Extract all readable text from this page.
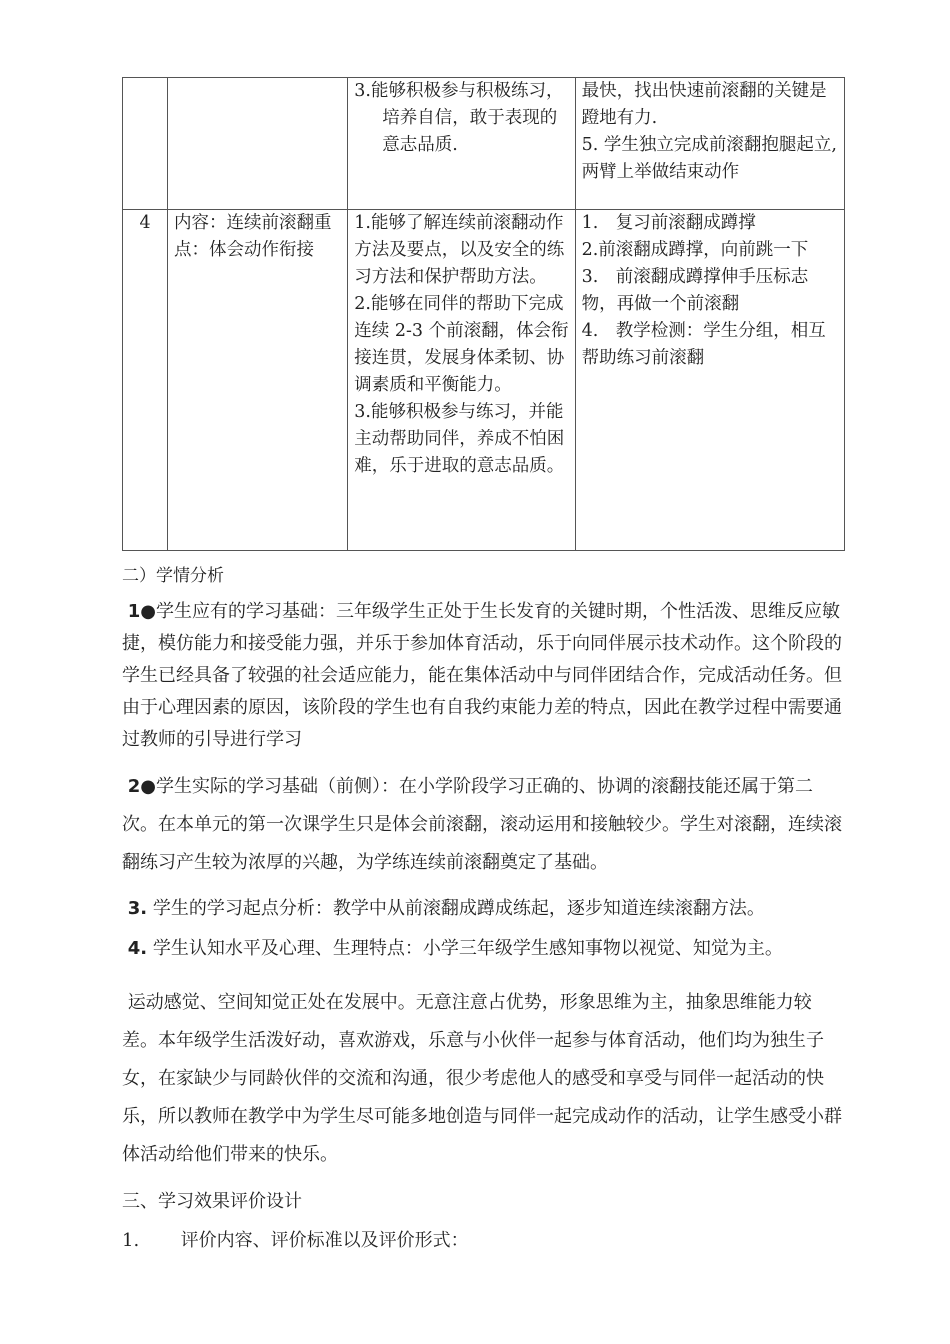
		3.能够积极参与积极练习，培养自信，敢于表现的意志品质.	最快，找出快速前滚翻的关键是蹬地有力.
5. 学生独立完成前滚翻抱腿起立, 两臂上举做结束动作

4	内容：连续前滚翻重点：体会动作衔接	1.能够了解连续前滚翻动作方法及要点，以及安全的练习方法和保护帮助方法。
2.能够在同伴的帮助下完成连续 2-3 个前滚翻，体会衔接连贯，发展身体柔韧、协调素质和平衡能力。
3.能够积极参与练习，并能主动帮助同伴，养成不怕困难，乐于进取的意志品质。	1.　复习前滚翻成蹲撑
2.前滚翻成蹲撑，向前跳一下
3.　前滚翻成蹲撑伸手压标志物，再做一个前滚翻
4.　教学检测：学生分组，相互帮助练习前滚翻
二）学情分析
1●学生应有的学习基础：三年级学生正处于生长发育的关键时期，个性活泼、思维反应敏捷，模仿能力和接受能力强，并乐于参加体育活动，乐于向同伴展示技术动作。这个阶段的学生已经具备了较强的社会适应能力，能在集体活动中与同伴团结合作，完成活动任务。但由于心理因素的原因，该阶段的学生也有自我约束能力差的特点，因此在教学过程中需要通过教师的引导进行学习
2●学生实际的学习基础（前侧）：在小学阶段学习正确的、协调的滚翻技能还属于第二次。在本单元的第一次课学生只是体会前滚翻，滚动运用和接触较少。学生对滚翻，连续滚翻练习产生较为浓厚的兴趣，为学练连续前滚翻奠定了基础。
3. 学生的学习起点分析：教学中从前滚翻成蹲成练起，逐步知道连续滚翻方法。
4. 学生认知水平及心理、生理特点：小学三年级学生感知事物以视觉、知觉为主。
运动感觉、空间知觉正处在发展中。无意注意占优势，形象思维为主，抽象思维能力较差。本年级学生活泼好动，喜欢游戏，乐意与小伙伴一起参与体育活动，他们均为独生子女，在家缺少与同龄伙伴的交流和沟通，很少考虑他人的感受和享受与同伴一起活动的快乐，所以教师在教学中为学生尽可能多地创造与同伴一起完成动作的活动，让学生感受小群体活动给他们带来的快乐。
三、学习效果评价设计
1. 评价内容、评价标准以及评价形式：
